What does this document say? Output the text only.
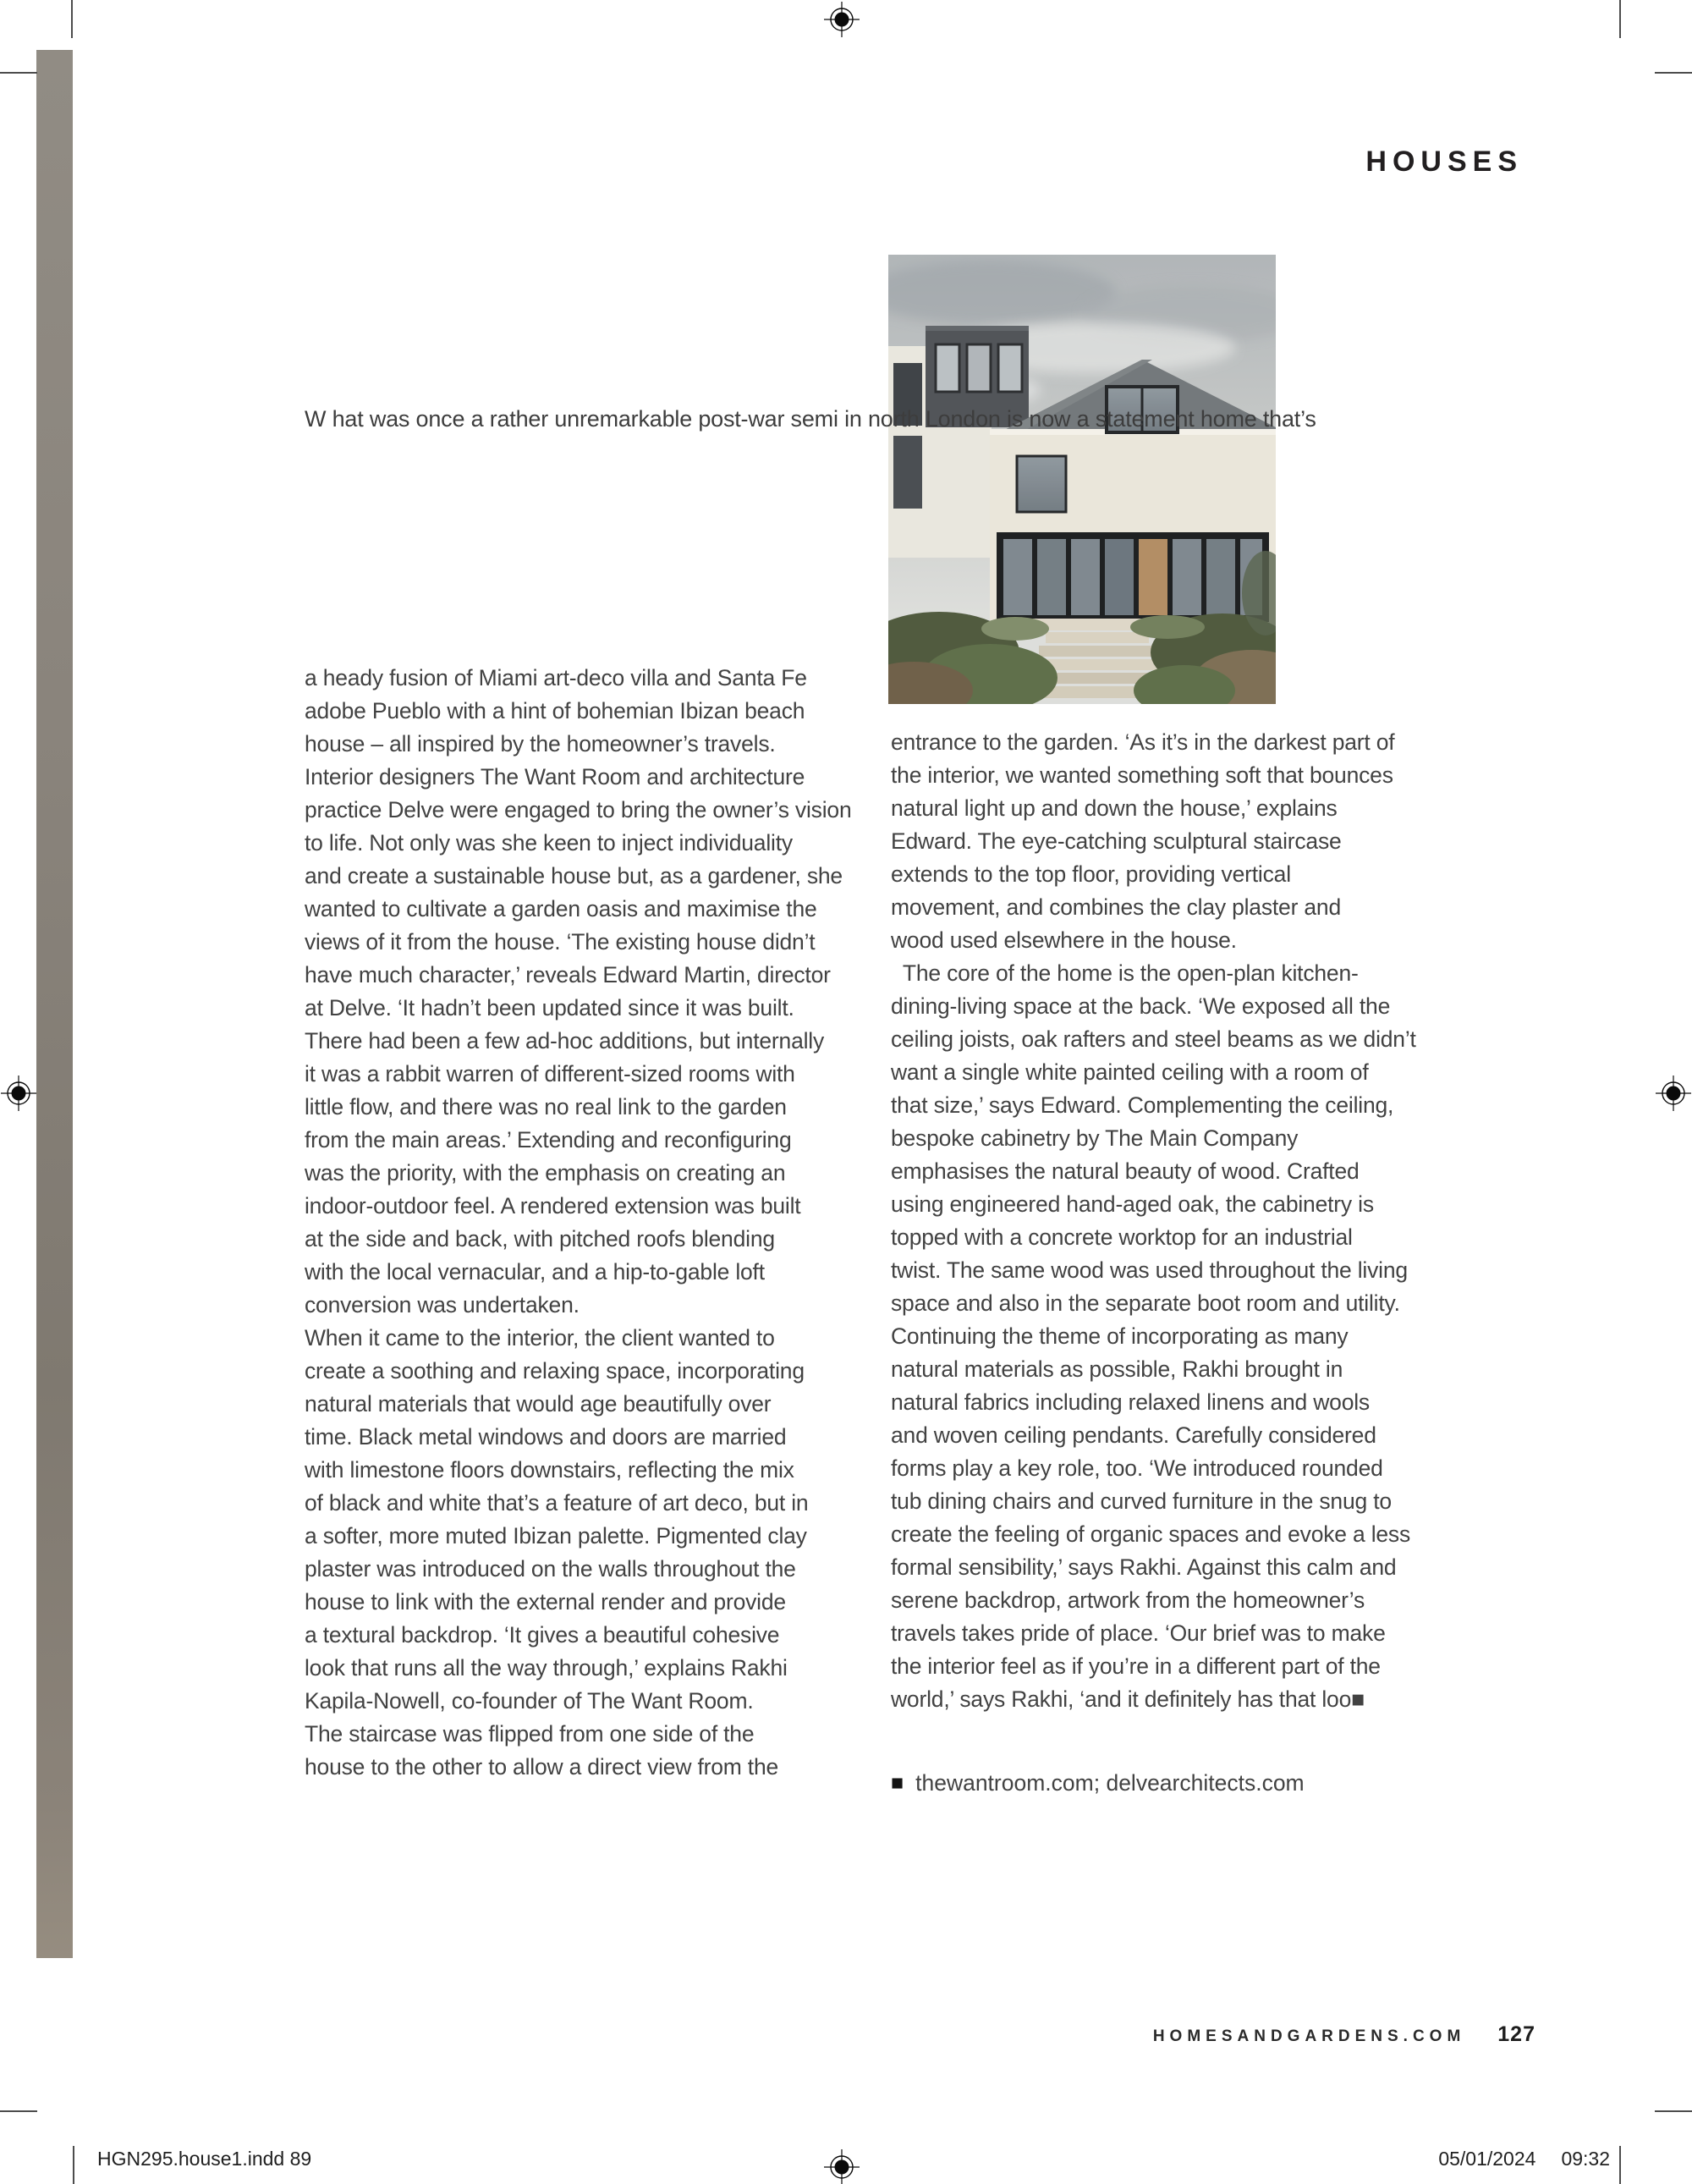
HOUSES
W hat was once a rather unremarkable post-war semi in north London is now a statement home that’s
a heady fusion of Miami art-deco villa and Santa Fe
adobe Pueblo with a hint of bohemian Ibizan beach
house – all inspired by the homeowner’s travels.
Interior designers The Want Room and architecture
practice Delve were engaged to bring the owner’s vision
to life. Not only was she keen to inject individuality
and create a sustainable house but, as a gardener, she
wanted to cultivate a garden oasis and maximise the
views of it from the house. ‘The existing house didn’t
have much character,’ reveals Edward Martin, director
at Delve. ‘It hadn’t been updated since it was built.
There had been a few ad-hoc additions, but internally
it was a rabbit warren of different-sized rooms with
little flow, and there was no real link to the garden
from the main areas.’ Extending and reconfiguring
was the priority, with the emphasis on creating an
indoor-outdoor feel. A rendered extension was built
at the side and back, with pitched roofs blending
with the local vernacular, and a hip-to-gable loft
conversion was undertaken.
When it came to the interior, the client wanted to
create a soothing and relaxing space, incorporating
natural materials that would age beautifully over
time. Black metal windows and doors are married
with limestone floors downstairs, reflecting the mix
of black and white that’s a feature of art deco, but in
a softer, more muted Ibizan palette. Pigmented clay
plaster was introduced on the walls throughout the
house to link with the external render and provide
a textural backdrop. ‘It gives a beautiful cohesive
look that runs all the way through,’ explains Rakhi
Kapila-Nowell, co-founder of The Want Room.
The staircase was flipped from one side of the
house to the other to allow a direct view from the
entrance to the garden. ‘As it’s in the darkest part of
the interior, we wanted something soft that bounces
natural light up and down the house,’ explains
Edward. The eye-catching sculptural staircase
extends to the top floor, providing vertical
movement, and combines the clay plaster and
wood used elsewhere in the house.
The core of the home is the open-plan kitchen-
dining-living space at the back. ‘We exposed all the
ceiling joists, oak rafters and steel beams as we didn’t
want a single white painted ceiling with a room of
that size,’ says Edward. Complementing the ceiling,
bespoke cabinetry by The Main Company
emphasises the natural beauty of wood. Crafted
using engineered hand-aged oak, the cabinetry is
topped with a concrete worktop for an industrial
twist. The same wood was used throughout the living
space and also in the separate boot room and utility.
Continuing the theme of incorporating as many
natural materials as possible, Rakhi brought in
natural fabrics including relaxed linens and wools
and woven ceiling pendants. Carefully considered
forms play a key role, too. ‘We introduced rounded
tub dining chairs and curved furniture in the snug to
create the feeling of organic spaces and evoke a less
formal sensibility,’ says Rakhi. Against this calm and
serene backdrop, artwork from the homeowner’s
travels takes pride of place. ‘Our brief was to make
the interior feel as if you’re in a different part of the
world,’ says Rakhi, ‘and it definitely has that loo■
■ thewantroom.com; delvearchitects.com
HOMESANDGARDENS.COM 127
HGN295.house1.indd 89	05/01/2024 09:32
